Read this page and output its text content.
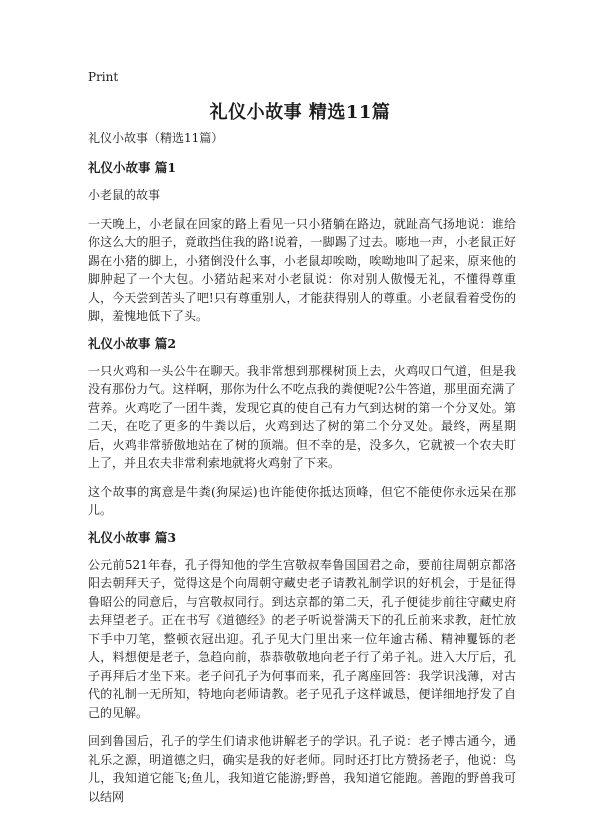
Print
礼仪小故事 精选11篇

礼仪小故事（精选11篇）

礼仪小故事 篇1

小老鼠的故事

一天晚上，小老鼠在回家的路上看见一只小猪躺在路边，就趾高气扬地说：谁给你这么大的胆子，竟敢挡住我的路!说着，一脚踢了过去。嘭地一声，小老鼠正好踢在小猪的脚上，小猪倒没什么事，小老鼠却唉呦，唉呦地叫了起来，原来他的脚肿起了一个大包。小猪站起来对小老鼠说：你对别人傲慢无礼，不懂得尊重人，今天尝到苦头了吧!只有尊重别人，才能获得别人的尊重。小老鼠看着受伤的脚，羞愧地低下了头。

礼仪小故事 篇2

一只火鸡和一头公牛在聊天。我非常想到那棵树顶上去，火鸡叹口气道，但是我没有那份力气。这样啊，那你为什么不吃点我的粪便呢?公牛答道，那里面充满了营养。火鸡吃了一团牛粪，发现它真的使自己有力气到达树的第一个分叉处。第二天，在吃了更多的牛粪以后，火鸡到达了树的第二个分叉处。最终，两星期后，火鸡非常骄傲地站在了树的顶端。但不幸的是，没多久，它就被一个农夫盯上了，并且农夫非常利索地就将火鸡射了下来。

这个故事的寓意是牛粪(狗屎运)也许能使你抵达顶峰，但它不能使你永远呆在那儿。

礼仪小故事 篇3

公元前521年春，孔子得知他的学生宫敬叔奉鲁国国君之命，要前往周朝京都洛阳去朝拜天子，觉得这是个向周朝守藏史老子请教礼制学识的好机会，于是征得鲁昭公的同意后，与宫敬叔同行。到达京都的第二天，孔子便徒步前往守藏史府去拜望老子。正在书写《道德经》的老子听说誉满天下的孔丘前来求教，赶忙放下手中刀笔，整顿衣冠出迎。孔子见大门里出来一位年逾古稀、精神矍铄的老人，料想便是老子，急趋向前，恭恭敬敬地向老子行了弟子礼。进入大厅后，孔子再拜后才坐下来。老子问孔子为何事而来，孔子离座回答：我学识浅薄，对古代的礼制一无所知，特地向老师请教。老子见孔子这样诚恳，便详细地抒发了自己的见解。

回到鲁国后，孔子的学生们请求他讲解老子的学识。孔子说：老子博古通今，通礼乐之源，明道德之归，确实是我的好老师。同时还打比方赞扬老子，他说：鸟儿，我知道它能飞;鱼儿，我知道它能游;野兽，我知道它能跑。善跑的野兽我可以结网
